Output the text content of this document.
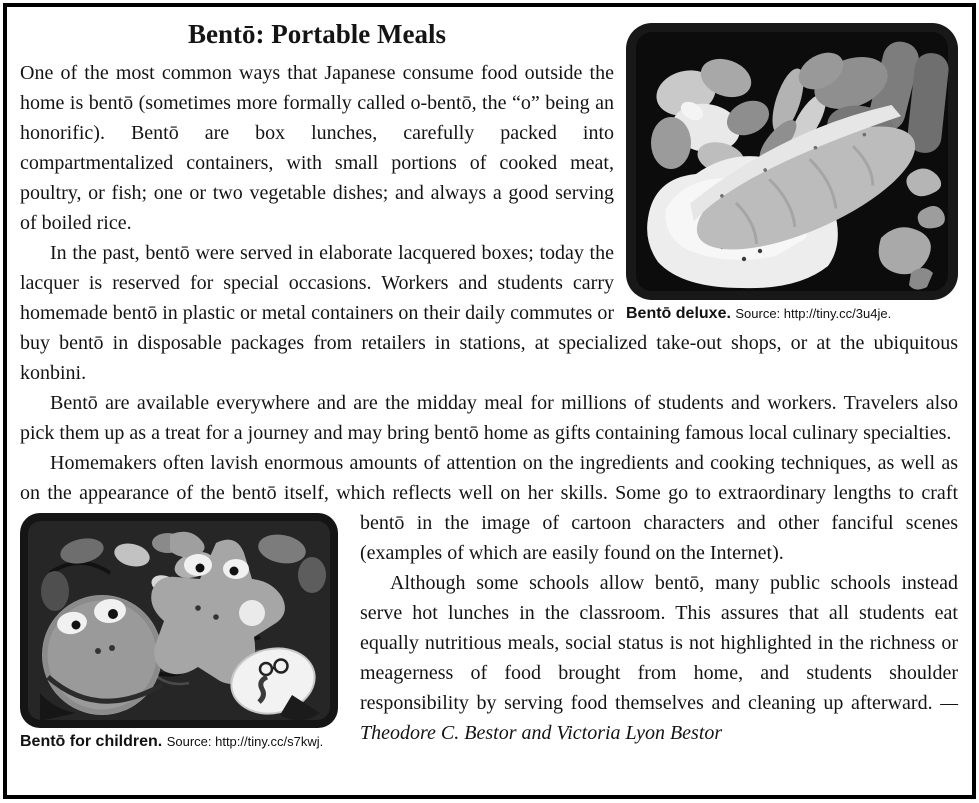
Bentō deluxe. Source: http://tiny.cc/3u4je.
Bentō: Portable Meals

One of the most common ways that Japanese consume food outside the home is bentō (sometimes more formally called o-bentō, the “o” being an honorific). Bentō are box lunches, carefully packed into compartmentalized containers, with small portions of cooked meat, poultry, or fish; one or two vegetable dishes; and always a good serving of boiled rice.

In the past, bentō were served in elaborate lacquered boxes; today the lacquer is reserved for special occasions. Workers and students carry homemade bentō in plastic or metal containers on their daily commutes or buy bentō in disposable packages from retailers in stations, at specialized take-out shops, or at the ubiquitous konbini.

Bentō are available everywhere and are the midday meal for millions of students and workers. Travelers also pick them up as a treat for a journey and may bring bentō home as gifts containing famous local culinary specialties.

Homemakers often lavish enormous amounts of attention on the ingredients and cooking techniques, as well as on the appearance of the bentō itself, which reflects well on her skills. Some go to extraordinary lengths
Bentō for children. Source: http://tiny.cc/s7kwj.
to craft bentō in the image of cartoon characters and other fanciful scenes (examples of which are easily found on the Internet).

Although some schools allow bentō, many public schools instead serve hot lunches in the classroom. This assures that all students eat equally nutritious meals, social status is not highlighted in the richness or meagerness of food brought from home, and students shoulder responsibility by serving food themselves and cleaning up afterward. —Theodore C. Bestor and Victoria Lyon Bestor
